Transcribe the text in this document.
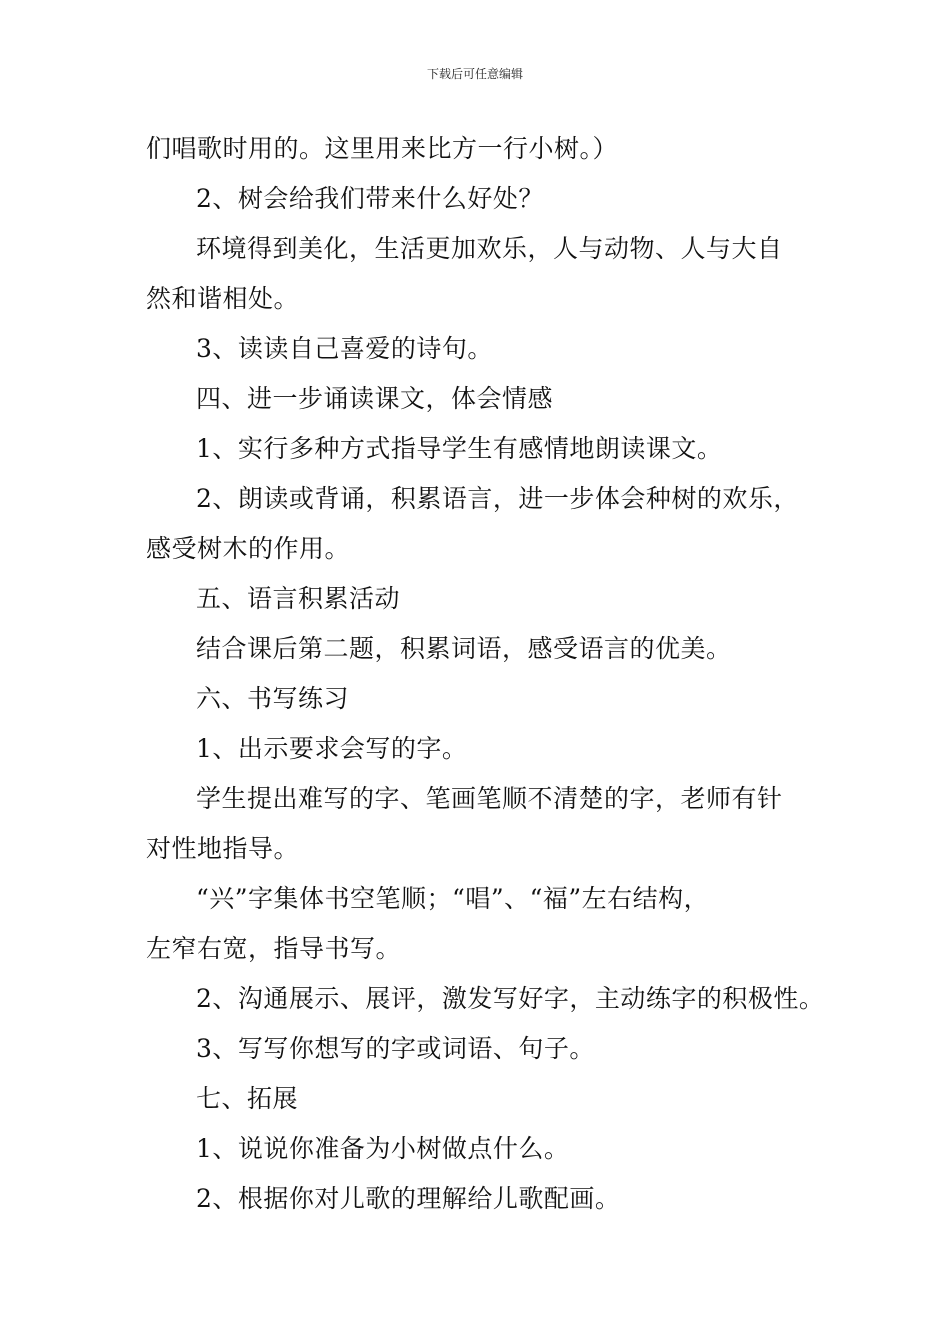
下载后可任意编辑

们唱歌时用的。这里用来比方一行小树。）

2、树会给我们带来什么好处？

环境得到美化，生活更加欢乐，人与动物、人与大自

然和谐相处。

3、读读自己喜爱的诗句。

四、进一步诵读课文，体会情感

1、实行多种方式指导学生有感情地朗读课文。

2、朗读或背诵，积累语言，进一步体会种树的欢乐，

感受树木的作用。

五、语言积累活动

结合课后第二题，积累词语，感受语言的优美。

六、书写练习

1、出示要求会写的字。

学生提出难写的字、笔画笔顺不清楚的字，老师有针

对性地指导。

“兴”字集体书空笔顺；“唱”、“福”左右结构，

左窄右宽，指导书写。

2、沟通展示、展评，激发写好字，主动练字的积极性。

3、写写你想写的字或词语、句子。

七、拓展

1、说说你准备为小树做点什么。

2、根据你对儿歌的理解给儿歌配画。
